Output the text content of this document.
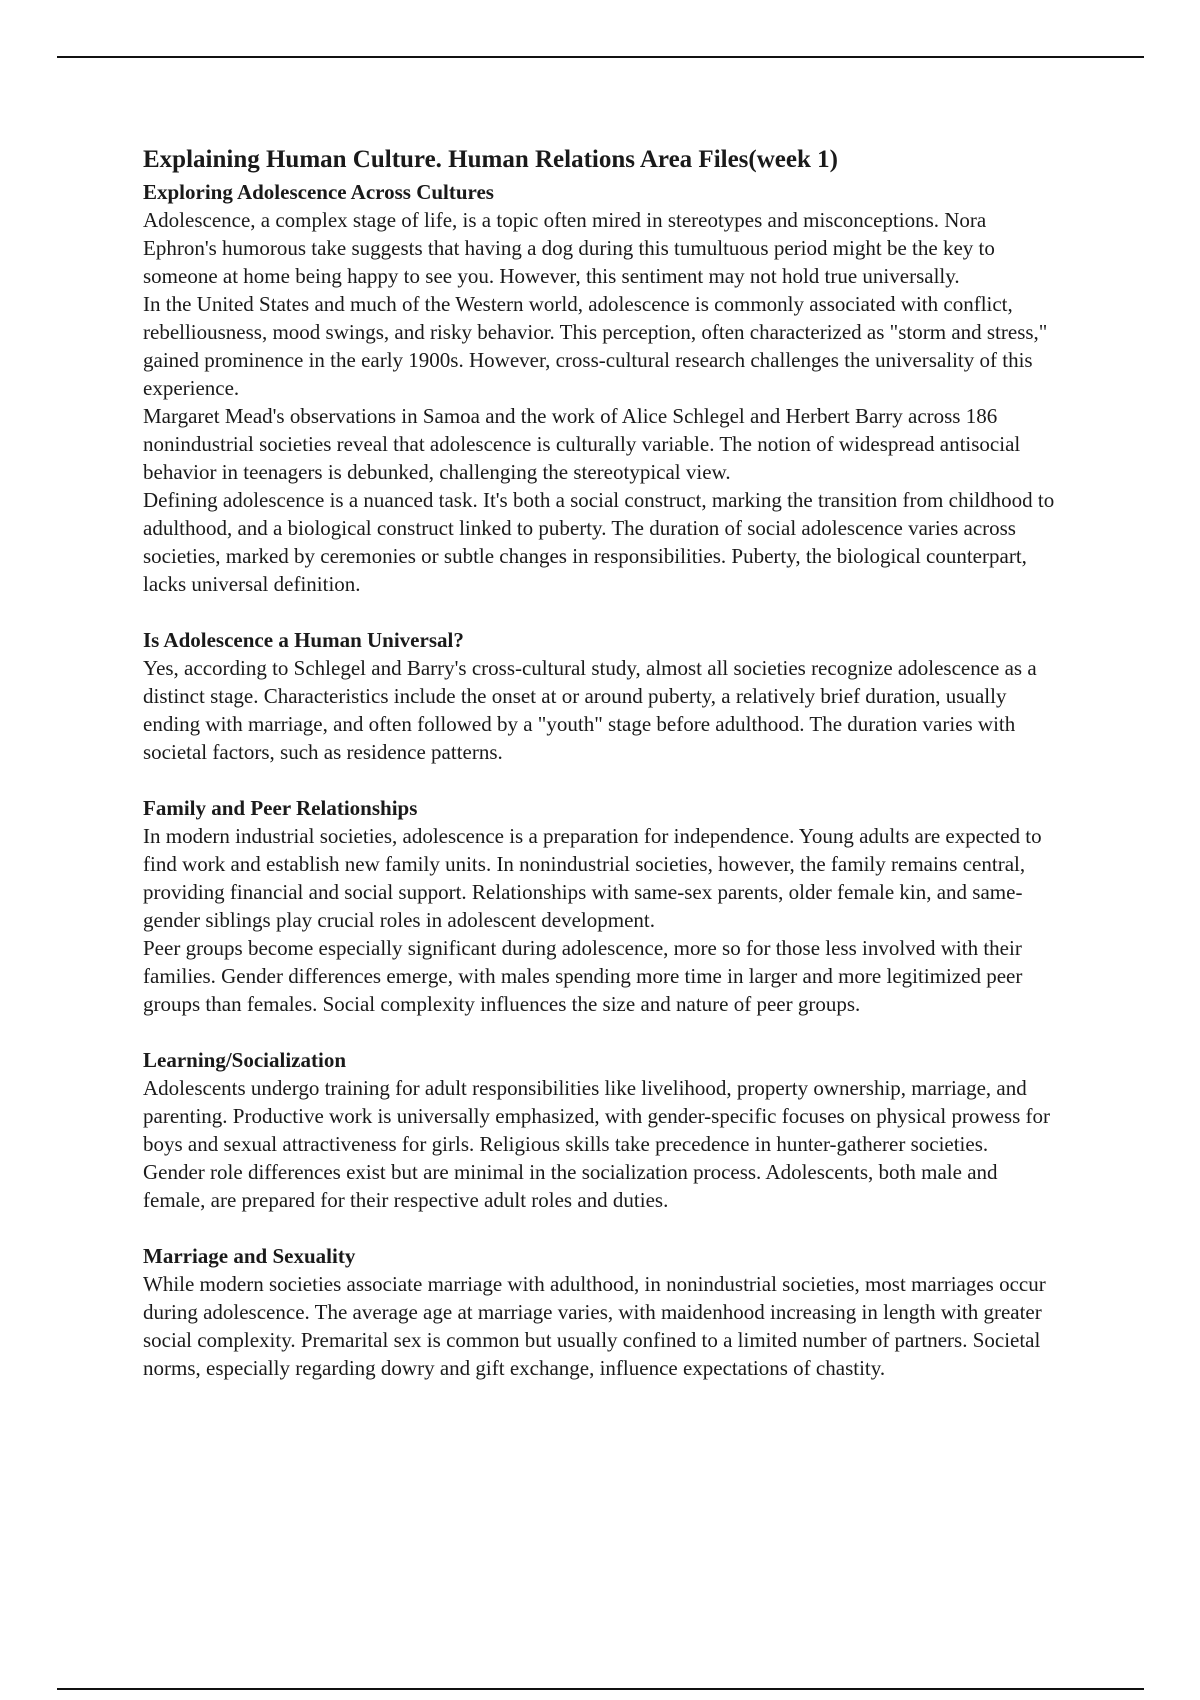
Explaining Human Culture. Human Relations Area Files(week 1)
Exploring Adolescence Across Cultures

Adolescence, a complex stage of life, is a topic often mired in stereotypes and misconceptions. Nora Ephron's humorous take suggests that having a dog during this tumultuous period might be the key to someone at home being happy to see you. However, this sentiment may not hold true universally.

In the United States and much of the Western world, adolescence is commonly associated with conflict, rebelliousness, mood swings, and risky behavior. This perception, often characterized as "storm and stress," gained prominence in the early 1900s. However, cross-cultural research challenges the universality of this experience.

Margaret Mead's observations in Samoa and the work of Alice Schlegel and Herbert Barry across 186 nonindustrial societies reveal that adolescence is culturally variable. The notion of widespread antisocial behavior in teenagers is debunked, challenging the stereotypical view.

Defining adolescence is a nuanced task. It's both a social construct, marking the transition from childhood to adulthood, and a biological construct linked to puberty. The duration of social adolescence varies across societies, marked by ceremonies or subtle changes in responsibilities. Puberty, the biological counterpart, lacks universal definition.

Is Adolescence a Human Universal?

Yes, according to Schlegel and Barry's cross-cultural study, almost all societies recognize adolescence as a distinct stage. Characteristics include the onset at or around puberty, a relatively brief duration, usually ending with marriage, and often followed by a "youth" stage before adulthood. The duration varies with societal factors, such as residence patterns.

Family and Peer Relationships

In modern industrial societies, adolescence is a preparation for independence. Young adults are expected to find work and establish new family units. In nonindustrial societies, however, the family remains central, providing financial and social support. Relationships with same-sex parents, older female kin, and same-gender siblings play crucial roles in adolescent development.

Peer groups become especially significant during adolescence, more so for those less involved with their families. Gender differences emerge, with males spending more time in larger and more legitimized peer groups than females. Social complexity influences the size and nature of peer groups.

Learning/Socialization

Adolescents undergo training for adult responsibilities like livelihood, property ownership, marriage, and parenting. Productive work is universally emphasized, with gender-specific focuses on physical prowess for boys and sexual attractiveness for girls. Religious skills take precedence in hunter-gatherer societies.

Gender role differences exist but are minimal in the socialization process. Adolescents, both male and female, are prepared for their respective adult roles and duties.

Marriage and Sexuality

While modern societies associate marriage with adulthood, in nonindustrial societies, most marriages occur during adolescence. The average age at marriage varies, with maidenhood increasing in length with greater social complexity. Premarital sex is common but usually confined to a limited number of partners. Societal norms, especially regarding dowry and gift exchange, influence expectations of chastity.
